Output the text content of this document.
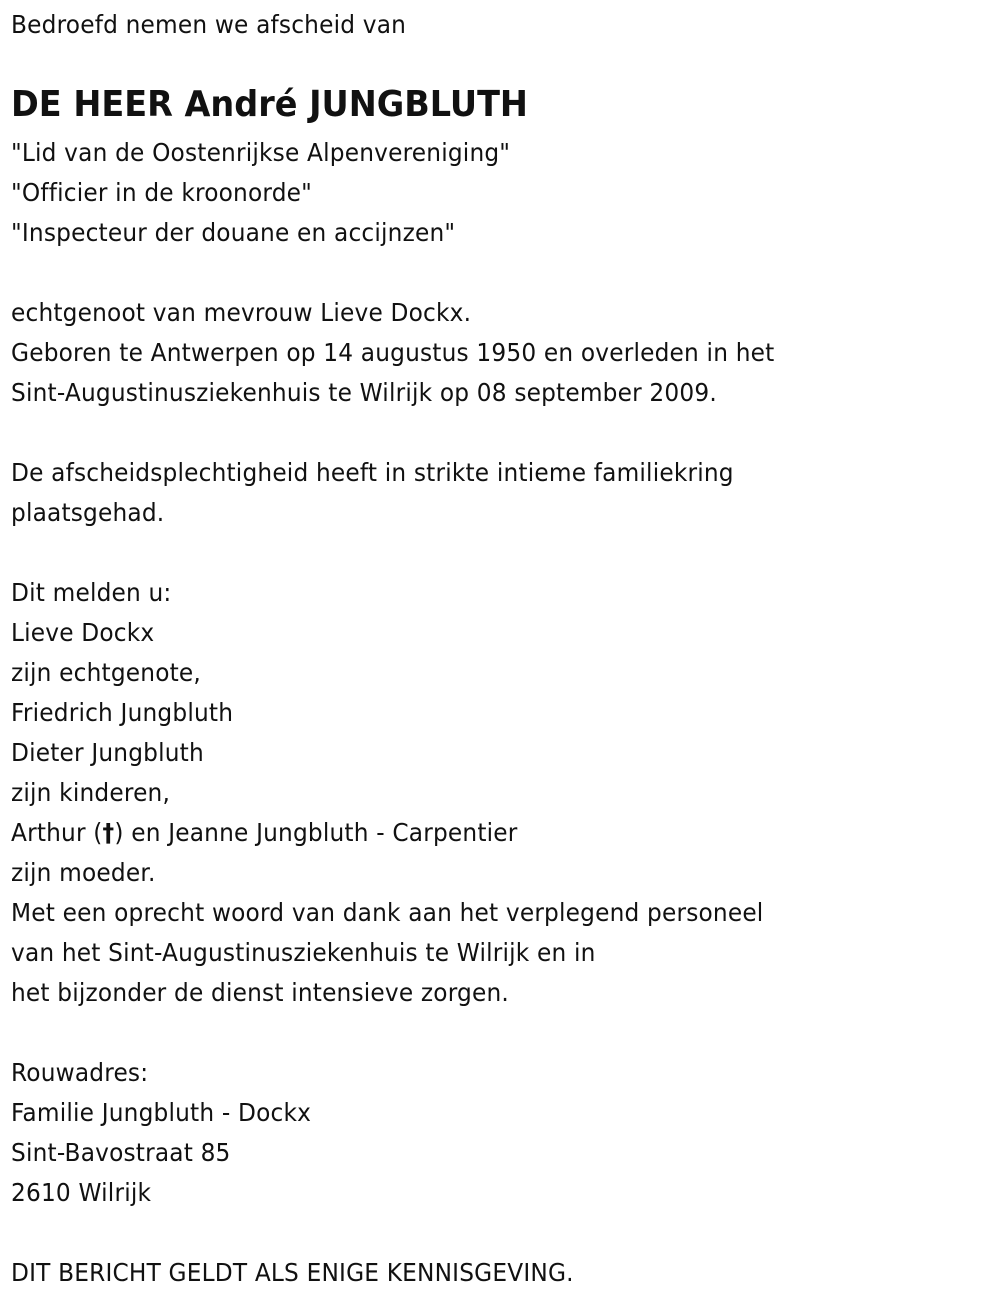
Bedroefd nemen we afscheid van
DE HEER André JUNGBLUTH
"Lid van de Oostenrijkse Alpenvereniging"
"Officier in de kroonorde"
"Inspecteur der douane en accijnzen"
echtgenoot van mevrouw Lieve Dockx.
Geboren te Antwerpen op 14 augustus 1950 en overleden in het
Sint-Augustinusziekenhuis te Wilrijk op 08 september 2009.
De afscheidsplechtigheid heeft in strikte intieme familiekring
plaatsgehad.
Dit melden u:
Lieve Dockx
zijn echtgenote,
Friedrich Jungbluth
Dieter Jungbluth
zijn kinderen,
Arthur (†) en Jeanne Jungbluth - Carpentier
zijn moeder.
Met een oprecht woord van dank aan het verplegend personeel
van het Sint-Augustinusziekenhuis te Wilrijk en in
het bijzonder de dienst intensieve zorgen.
Rouwadres:
Familie Jungbluth - Dockx
Sint-Bavostraat 85
2610 Wilrijk
DIT BERICHT GELDT ALS ENIGE KENNISGEVING.
